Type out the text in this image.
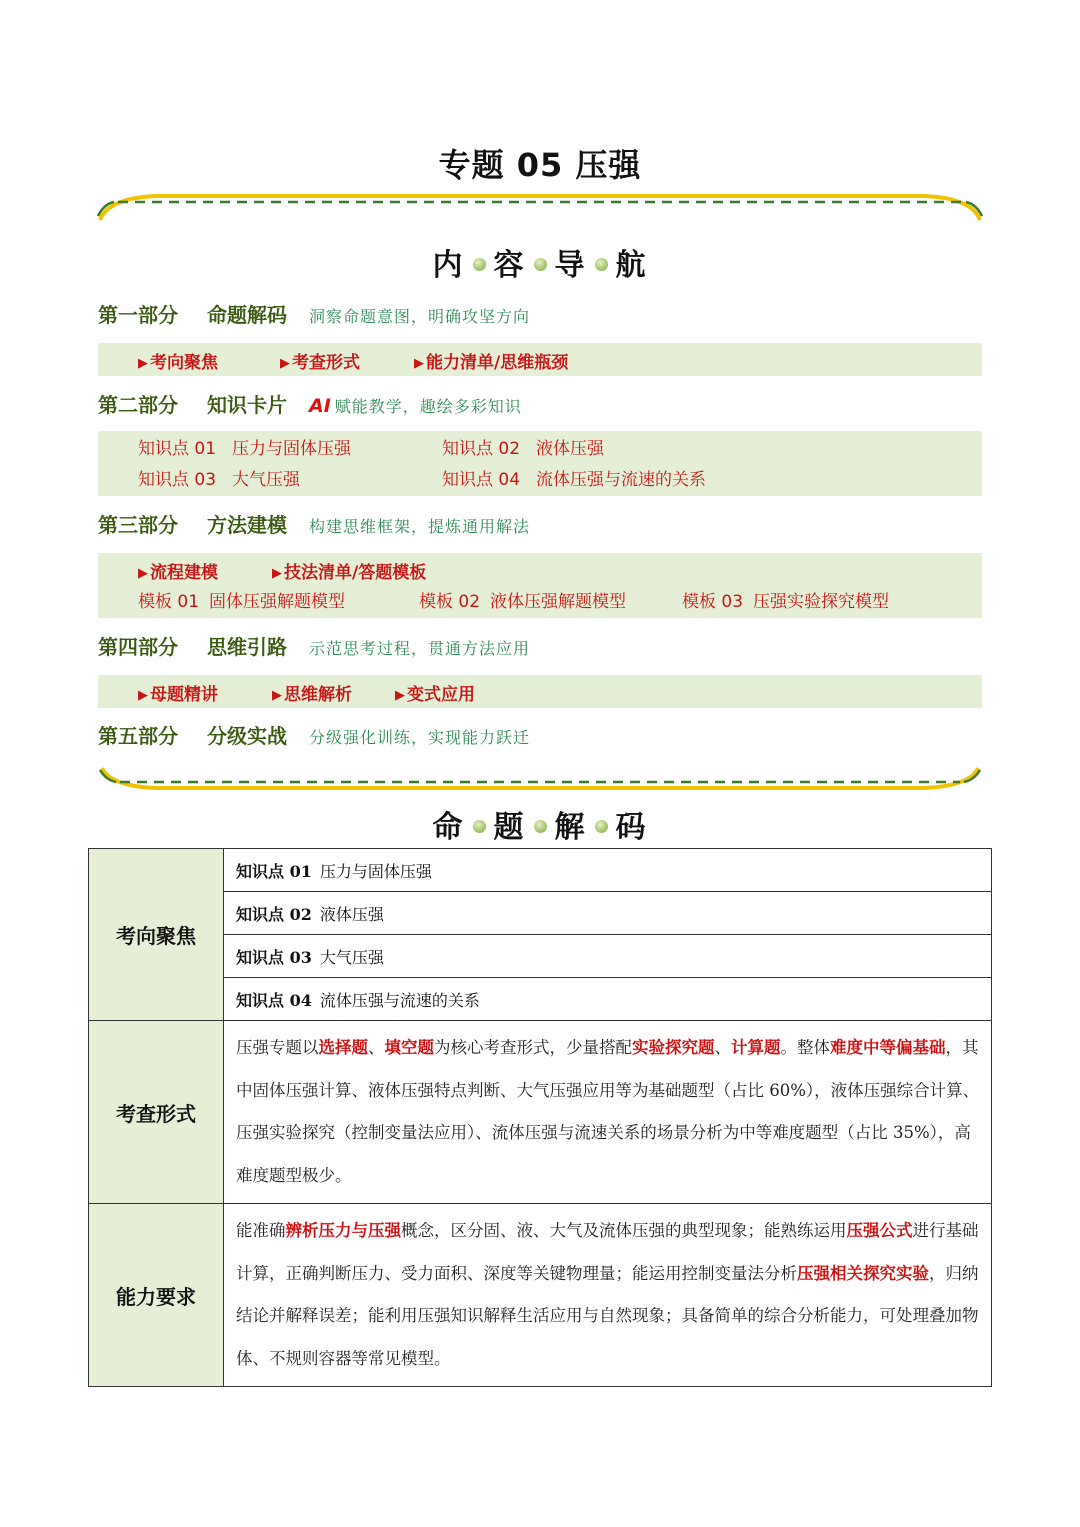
专题 05 压强
内 容 导 航
第一部分 命题解码 洞察命题意图，明确攻坚方向
▶ 考向聚焦	▶ 考查形式	▶ 能力清单/思维瓶颈
第二部分 知识卡片 AI 赋能教学，趣绘多彩知识
知识点 01 压力与固体压强	知识点 02 液体压强
知识点 03 大气压强	知识点 04 流体压强与流速的关系
第三部分 方法建模 构建思维框架，提炼通用解法
▶ 流程建模	▶ 技法清单/答题模板
模板 01 固体压强解题模型	模板 02 液体压强解题模型	模板 03 压强实验探究模型
第四部分 思维引路 示范思考过程，贯通方法应用
▶ 母题精讲	▶ 思维解析	▶ 变式应用
第五部分 分级实战 分级强化训练，实现能力跃迁
命 题 解 码
考向聚焦	知识点 01 压力与固体压强
	知识点 02 液体压强
	知识点 03 大气压强
	知识点 04 流体压强与流速的关系
考查形式	压强专题以选择题、填空题为核心考查形式，少量搭配实验探究题、计算题。整体难度中等偏基础，其中固体压强计算、液体压强特点判断、大气压强应用等为基础题型（占比 60%），液体压强综合计算、压强实验探究（控制变量法应用）、流体压强与流速关系的场景分析为中等难度题型（占比 35%），高难度题型极少。
能力要求	能准确辨析压力与压强概念，区分固、液、大气及流体压强的典型现象；能熟练运用压强公式进行基础计算，正确判断压力、受力面积、深度等关键物理量；能运用控制变量法分析压强相关探究实验，归纳结论并解释误差；能利用压强知识解释生活应用与自然现象；具备简单的综合分析能力，可处理叠加物体、不规则容器等常见模型。
